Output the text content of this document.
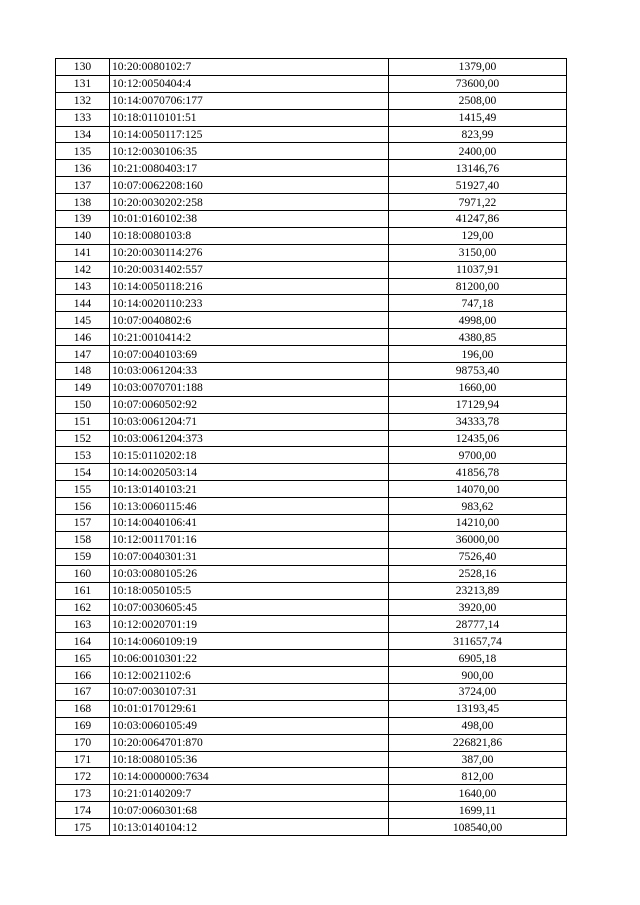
130	10:20:0080102:7	1379,00
131	10:12:0050404:4	73600,00
132	10:14:0070706:177	2508,00
133	10:18:0110101:51	1415,49
134	10:14:0050117:125	823,99
135	10:12:0030106:35	2400,00
136	10:21:0080403:17	13146,76
137	10:07:0062208:160	51927,40
138	10:20:0030202:258	7971,22
139	10:01:0160102:38	41247,86
140	10:18:0080103:8	129,00
141	10:20:0030114:276	3150,00
142	10:20:0031402:557	11037,91
143	10:14:0050118:216	81200,00
144	10:14:0020110:233	747,18
145	10:07:0040802:6	4998,00
146	10:21:0010414:2	4380,85
147	10:07:0040103:69	196,00
148	10:03:0061204:33	98753,40
149	10:03:0070701:188	1660,00
150	10:07:0060502:92	17129,94
151	10:03:0061204:71	34333,78
152	10:03:0061204:373	12435,06
153	10:15:0110202:18	9700,00
154	10:14:0020503:14	41856,78
155	10:13:0140103:21	14070,00
156	10:13:0060115:46	983,62
157	10:14:0040106:41	14210,00
158	10:12:0011701:16	36000,00
159	10:07:0040301:31	7526,40
160	10:03:0080105:26	2528,16
161	10:18:0050105:5	23213,89
162	10:07:0030605:45	3920,00
163	10:12:0020701:19	28777,14
164	10:14:0060109:19	311657,74
165	10:06:0010301:22	6905,18
166	10:12:0021102:6	900,00
167	10:07:0030107:31	3724,00
168	10:01:0170129:61	13193,45
169	10:03:0060105:49	498,00
170	10:20:0064701:870	226821,86
171	10:18:0080105:36	387,00
172	10:14:0000000:7634	812,00
173	10:21:0140209:7	1640,00
174	10:07:0060301:68	1699,11
175	10:13:0140104:12	108540,00
